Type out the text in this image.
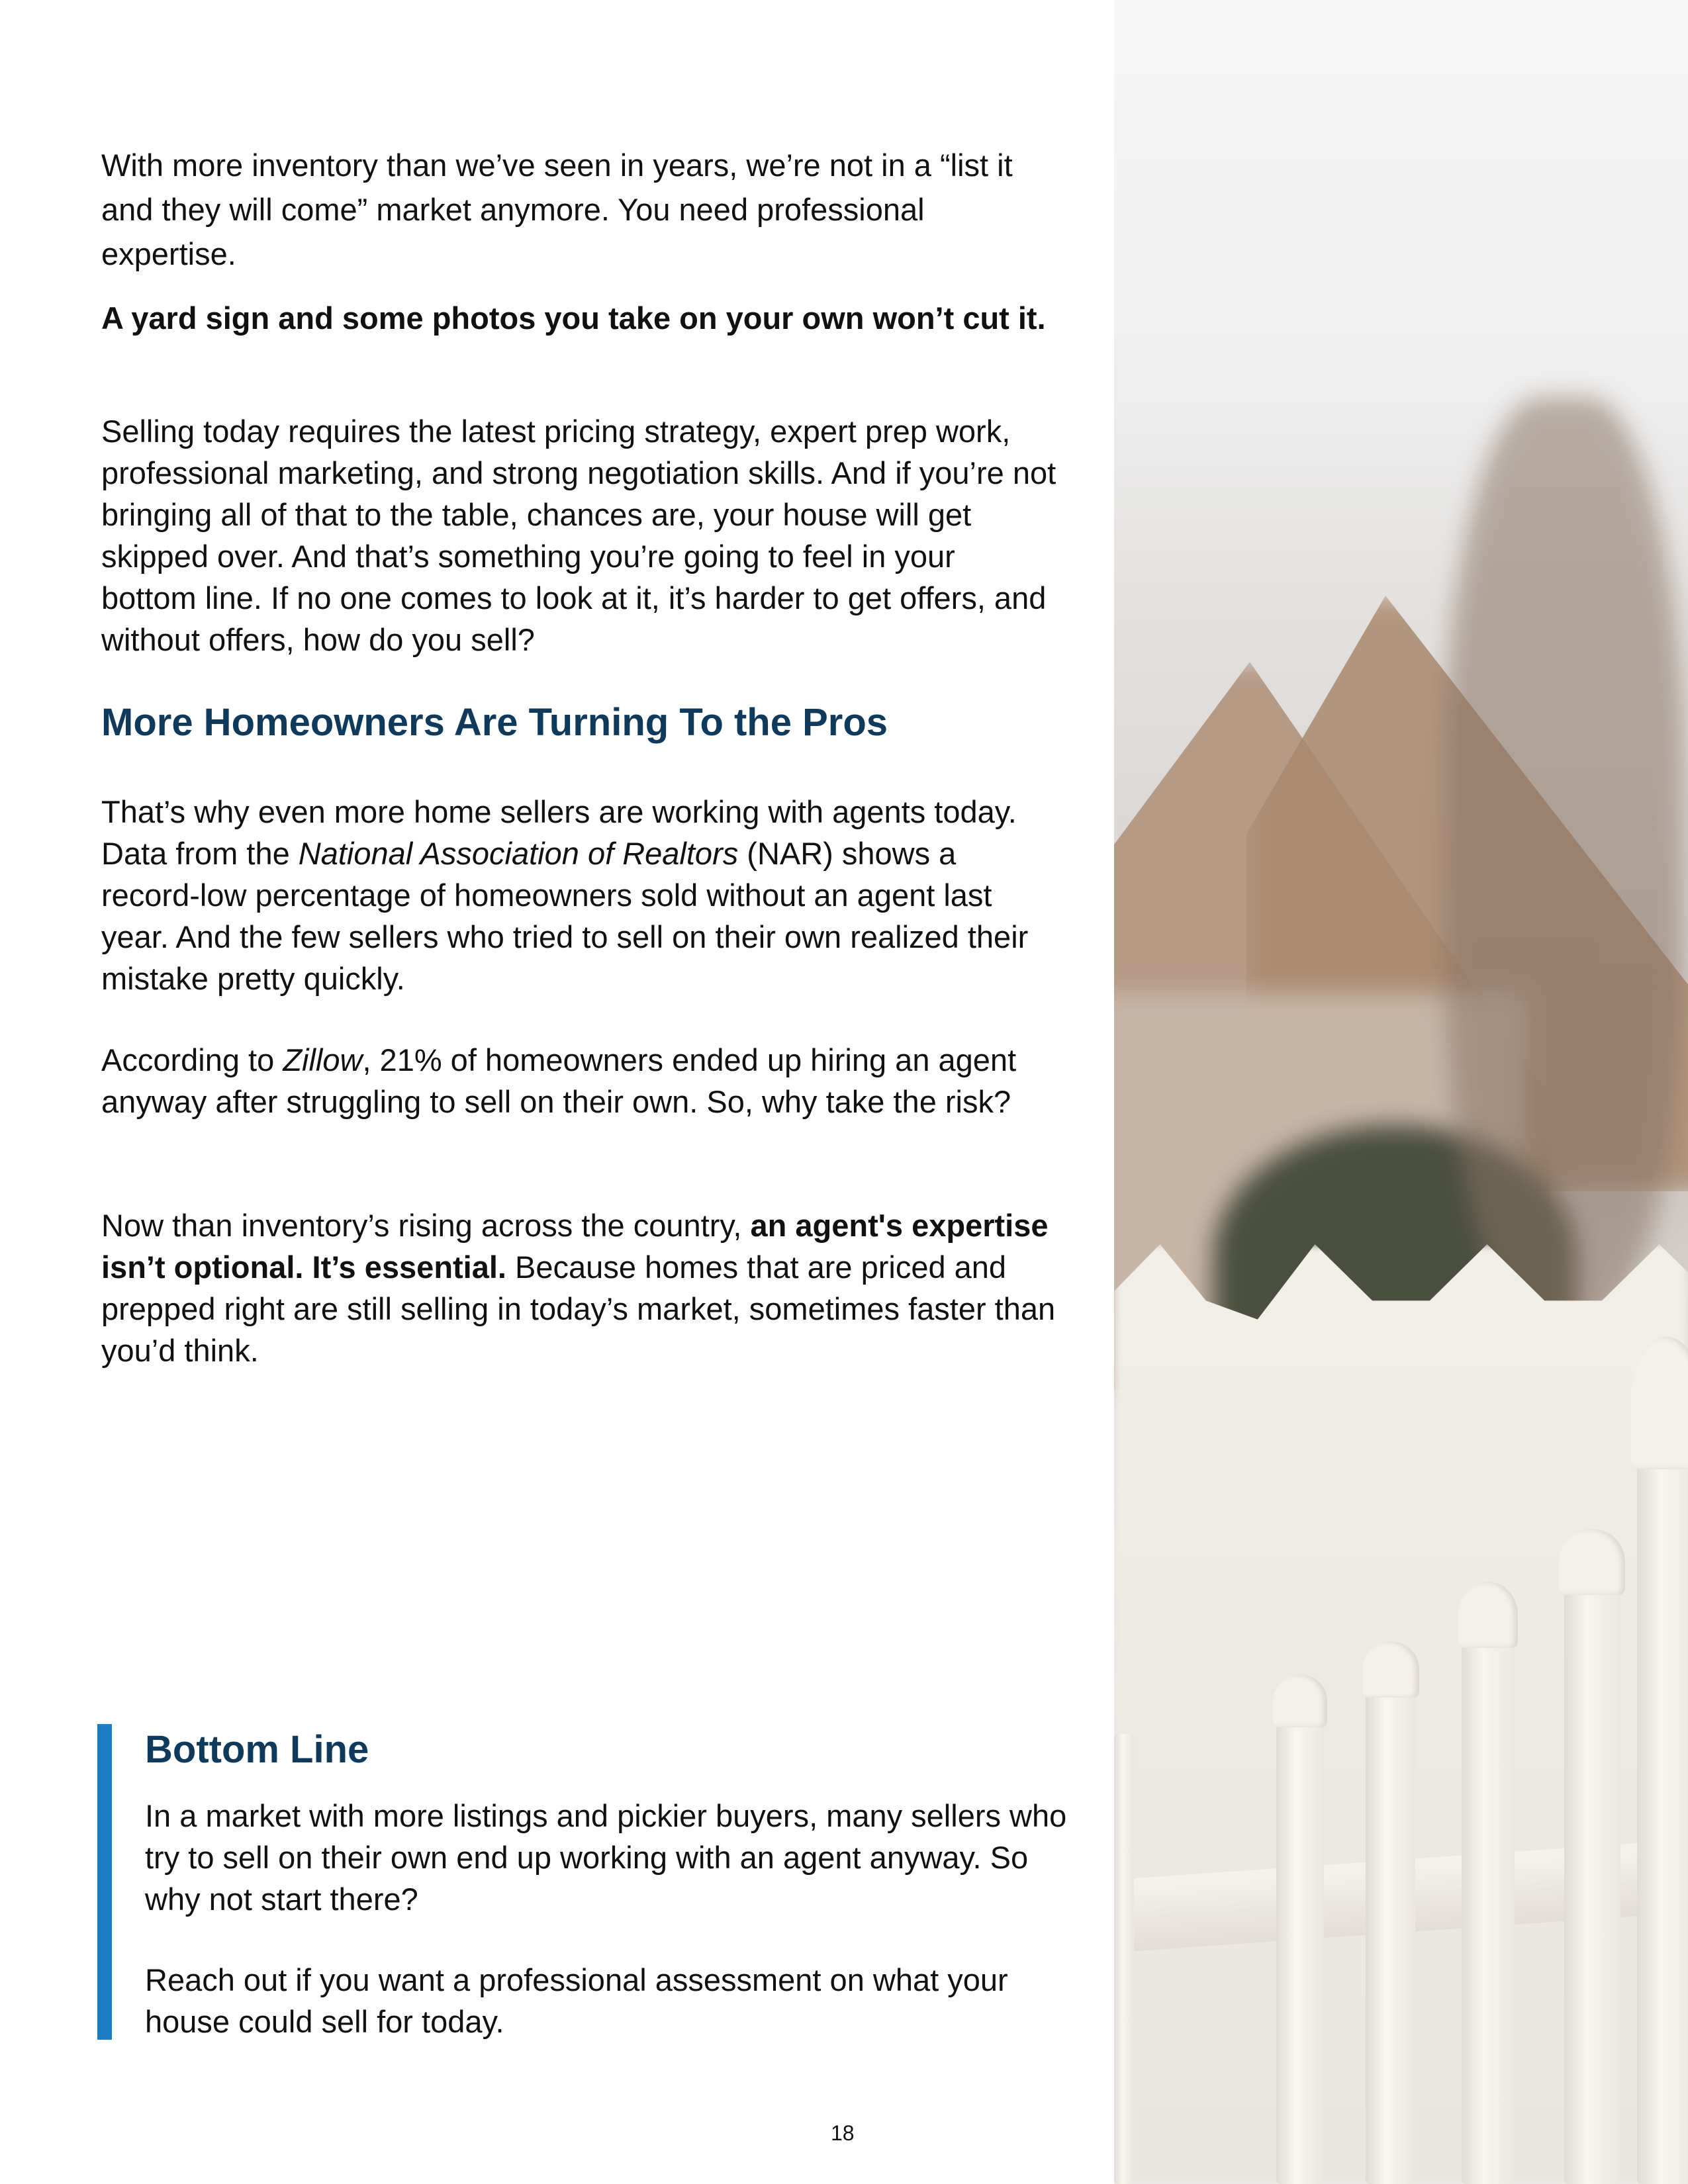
With more inventory than we’ve seen in years, we’re not in a “list it and they will come” market anymore. You need professional expertise.

A yard sign and some photos you take on your own won’t cut it.

Selling today requires the latest pricing strategy, expert prep work, professional marketing, and strong negotiation skills. And if you’re not bringing all of that to the table, chances are, your house will get skipped over. And that’s something you’re going to feel in your bottom line. If no one comes to look at it, it’s harder to get offers, and without offers, how do you sell?

More Homeowners Are Turning To the Pros

That’s why even more home sellers are working with agents today. Data from the National Association of Realtors (NAR) shows a record-low percentage of homeowners sold without an agent last year. And the few sellers who tried to sell on their own realized their mistake pretty quickly.

According to Zillow, 21% of homeowners ended up hiring an agent anyway after struggling to sell on their own. So, why take the risk?

Now than inventory’s rising across the country, an agent's expertise isn’t optional. It’s essential. Because homes that are priced and prepped right are still selling in today’s market, sometimes faster than you’d think.

Bottom Line

In a market with more listings and pickier buyers, many sellers who try to sell on their own end up working with an agent anyway. So why not start there?

Reach out if you want a professional assessment on what your house could sell for today.

18
